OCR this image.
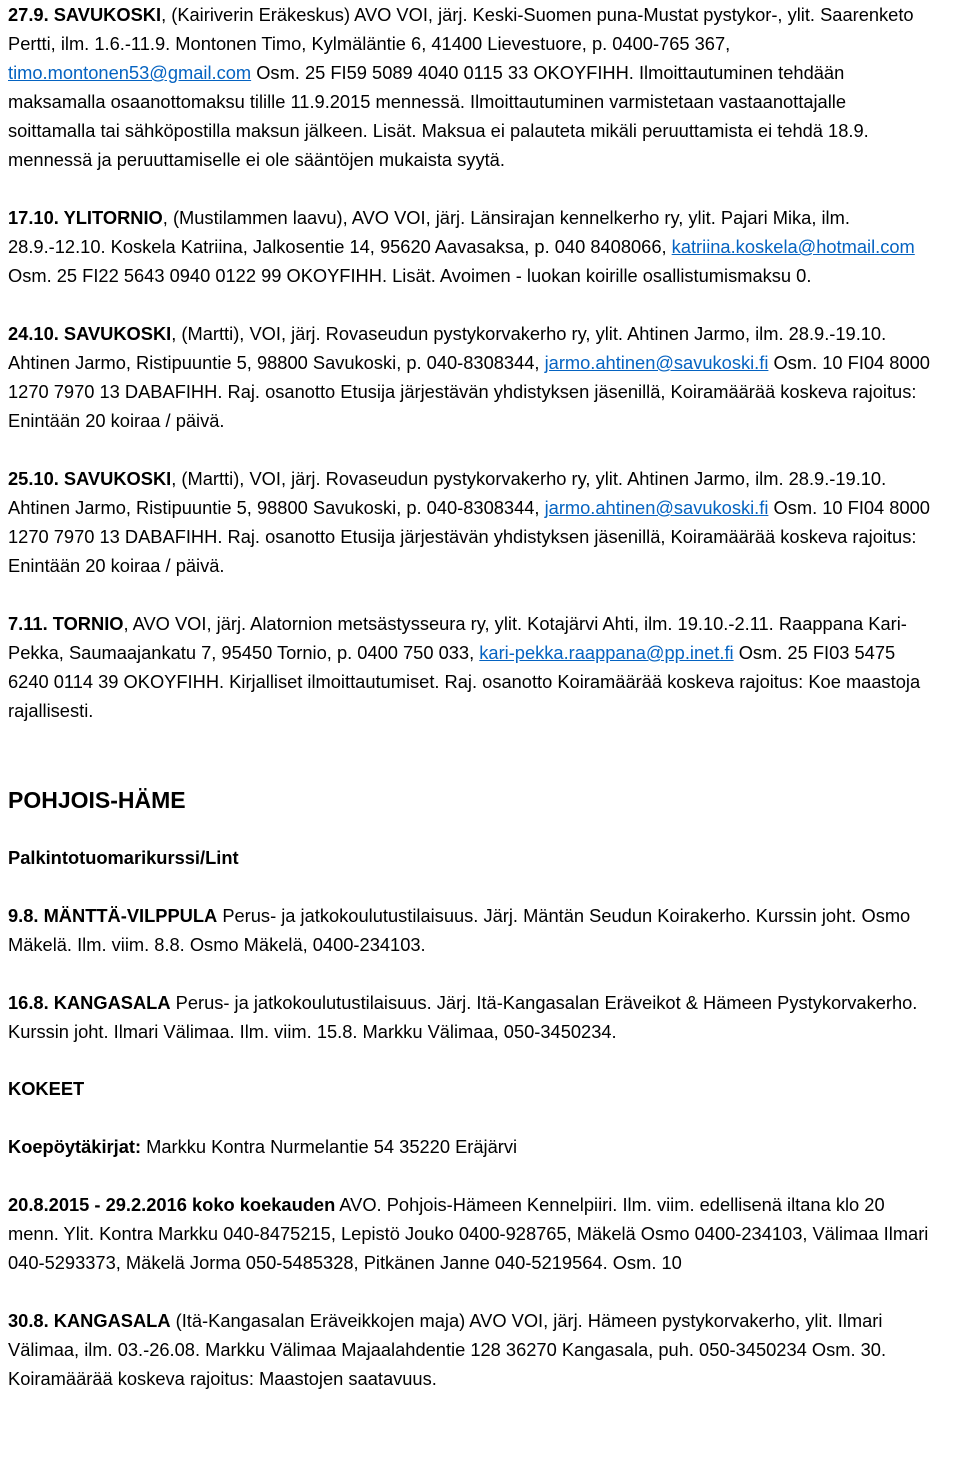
27.9. SAVUKOSKI, (Kairiverin Eräkeskus) AVO VOI, järj. Keski-Suomen puna-Mustat pystykor-, ylit. Saarenketo Pertti, ilm. 1.6.-11.9. Montonen Timo, Kylmäläntie 6, 41400 Lievestuore, p. 0400-765 367, timo.montonen53@gmail.com Osm. 25 FI59 5089 4040 0115 33 OKOYFIHH. Ilmoittautuminen tehdään maksamalla osaanottomaksu tilille 11.9.2015 mennessä. Ilmoittautuminen varmistetaan vastaanottajalle soittamalla tai sähköpostilla maksun jälkeen. Lisät. Maksua ei palauteta mikäli peruuttamista ei tehdä 18.9. mennessä ja peruuttamiselle ei ole sääntöjen mukaista syytä.

17.10. YLITORNIO, (Mustilammen laavu), AVO VOI, järj. Länsirajan kennelkerho ry, ylit. Pajari Mika, ilm. 28.9.-12.10. Koskela Katriina, Jalkosentie 14, 95620 Aavasaksa, p. 040 8408066, katriina.koskela@hotmail.com Osm. 25 FI22 5643 0940 0122 99 OKOYFIHH. Lisät. Avoimen - luokan koirille osallistumismaksu 0.

24.10. SAVUKOSKI, (Martti), VOI, järj. Rovaseudun pystykorvakerho ry, ylit. Ahtinen Jarmo, ilm. 28.9.-19.10. Ahtinen Jarmo, Ristipuuntie 5, 98800 Savukoski, p. 040-8308344, jarmo.ahtinen@savukoski.fi Osm. 10 FI04 8000 1270 7970 13 DABAFIHH. Raj. osanotto Etusija järjestävän yhdistyksen jäsenillä, Koiramäärää koskeva rajoitus: Enintään 20 koiraa / päivä.

25.10. SAVUKOSKI, (Martti), VOI, järj. Rovaseudun pystykorvakerho ry, ylit. Ahtinen Jarmo, ilm. 28.9.-19.10. Ahtinen Jarmo, Ristipuuntie 5, 98800 Savukoski, p. 040-8308344, jarmo.ahtinen@savukoski.fi Osm. 10 FI04 8000 1270 7970 13 DABAFIHH. Raj. osanotto Etusija järjestävän yhdistyksen jäsenillä, Koiramäärää koskeva rajoitus: Enintään 20 koiraa / päivä.

7.11. TORNIO, AVO VOI, järj. Alatornion metsästysseura ry, ylit. Kotajärvi Ahti, ilm. 19.10.-2.11. Raappana Kari-Pekka, Saumaajankatu 7, 95450 Tornio, p. 0400 750 033, kari-pekka.raappana@pp.inet.fi Osm. 25 FI03 5475 6240 0114 39 OKOYFIHH. Kirjalliset ilmoittautumiset. Raj. osanotto Koiramäärää koskeva rajoitus: Koe maastoja rajallisesti.

POHJOIS-HÄME

Palkintotuomarikurssi/Lint

9.8. MÄNTTÄ-VILPPULA Perus- ja jatkokoulutustilaisuus. Järj. Mäntän Seudun Koirakerho. Kurssin joht. Osmo Mäkelä. Ilm. viim. 8.8. Osmo Mäkelä, 0400-234103.

16.8. KANGASALA Perus- ja jatkokoulutustilaisuus. Järj. Itä-Kangasalan Eräveikot & Hämeen Pystykorvakerho. Kurssin joht. Ilmari Välimaa. Ilm. viim. 15.8. Markku Välimaa, 050-3450234.

KOKEET

Koepöytäkirjat: Markku Kontra Nurmelantie 54 35220 Eräjärvi

20.8.2015 - 29.2.2016 koko koekauden AVO. Pohjois-Hämeen Kennelpiiri. Ilm. viim. edellisenä iltana klo 20 menn. Ylit. Kontra Markku 040-8475215, Lepistö Jouko 0400-928765, Mäkelä Osmo 0400-234103, Välimaa Ilmari 040-5293373, Mäkelä Jorma 050-5485328, Pitkänen Janne 040-5219564. Osm. 10

30.8. KANGASALA (Itä-Kangasalan Eräveikkojen maja) AVO VOI, järj. Hämeen pystykorvakerho, ylit. Ilmari Välimaa, ilm. 03.-26.08. Markku Välimaa Majaalahdentie 128 36270 Kangasala, puh. 050-3450234 Osm. 30. Koiramäärää koskeva rajoitus: Maastojen saatavuus.
